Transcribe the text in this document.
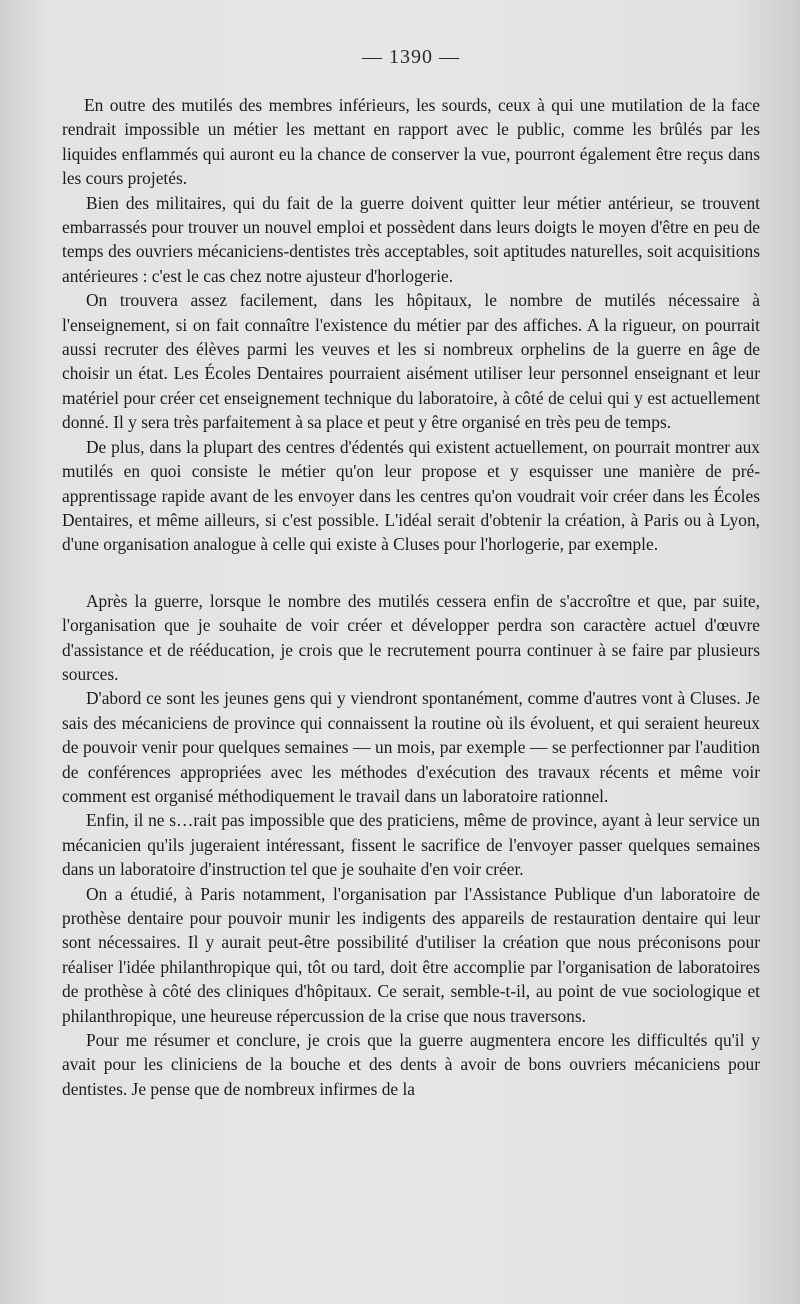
— 1390 —

En outre des mutilés des membres inférieurs, les sourds, ceux à qui une mutilation de la face rendrait impossible un métier les mettant en rapport avec le public, comme les brûlés par les liquides enflammés qui auront eu la chance de conserver la vue, pourront également être reçus dans les cours projetés.

Bien des militaires, qui du fait de la guerre doivent quitter leur métier antérieur, se trouvent embarrassés pour trouver un nouvel emploi et possèdent dans leurs doigts le moyen d'être en peu de temps des ouvriers mécaniciens-dentistes très acceptables, soit aptitudes naturelles, soit acquisitions antérieures : c'est le cas chez notre ajusteur d'horlogerie.

On trouvera assez facilement, dans les hôpitaux, le nombre de mutilés nécessaire à l'enseignement, si on fait connaître l'existence du métier par des affiches. A la rigueur, on pourrait aussi recruter des élèves parmi les veuves et les si nombreux orphelins de la guerre en âge de choisir un état. Les Écoles Dentaires pourraient aisément utiliser leur personnel enseignant et leur matériel pour créer cet enseignement technique du laboratoire, à côté de celui qui y est actuellement donné. Il y sera très parfaitement à sa place et peut y être organisé en très peu de temps.

De plus, dans la plupart des centres d'édentés qui existent actuellement, on pourrait montrer aux mutilés en quoi consiste le métier qu'on leur propose et y esquisser une manière de pré-apprentissage rapide avant de les envoyer dans les centres qu'on voudrait voir créer dans les Écoles Dentaires, et même ailleurs, si c'est possible. L'idéal serait d'obtenir la création, à Paris ou à Lyon, d'une organisation analogue à celle qui existe à Cluses pour l'horlogerie, par exemple.

Après la guerre, lorsque le nombre des mutilés cessera enfin de s'accroître et que, par suite, l'organisation que je souhaite de voir créer et développer perdra son caractère actuel d'œuvre d'assistance et de rééducation, je crois que le recrutement pourra continuer à se faire par plusieurs sources.

D'abord ce sont les jeunes gens qui y viendront spontanément, comme d'autres vont à Cluses. Je sais des mécaniciens de province qui connaissent la routine où ils évoluent, et qui seraient heureux de pouvoir venir pour quelques semaines — un mois, par exemple — se perfectionner par l'audition de conférences appropriées avec les méthodes d'exécution des travaux récents et même voir comment est organisé méthodiquement le travail dans un laboratoire rationnel.

Enfin, il ne s…rait pas impossible que des praticiens, même de province, ayant à leur service un mécanicien qu'ils jugeraient intéressant, fissent le sacrifice de l'envoyer passer quelques semaines dans un laboratoire d'instruction tel que je souhaite d'en voir créer.

On a étudié, à Paris notamment, l'organisation par l'Assistance Publique d'un laboratoire de prothèse dentaire pour pouvoir munir les indigents des appareils de restauration dentaire qui leur sont nécessaires. Il y aurait peut-être possibilité d'utiliser la création que nous préconisons pour réaliser l'idée philanthropique qui, tôt ou tard, doit être accomplie par l'organisation de laboratoires de prothèse à côté des cliniques d'hôpitaux. Ce serait, semble-t-il, au point de vue sociologique et philanthropique, une heureuse répercussion de la crise que nous traversons.

Pour me résumer et conclure, je crois que la guerre augmentera encore les difficultés qu'il y avait pour les cliniciens de la bouche et des dents à avoir de bons ouvriers mécaniciens pour dentistes. Je pense que de nombreux infirmes de la
